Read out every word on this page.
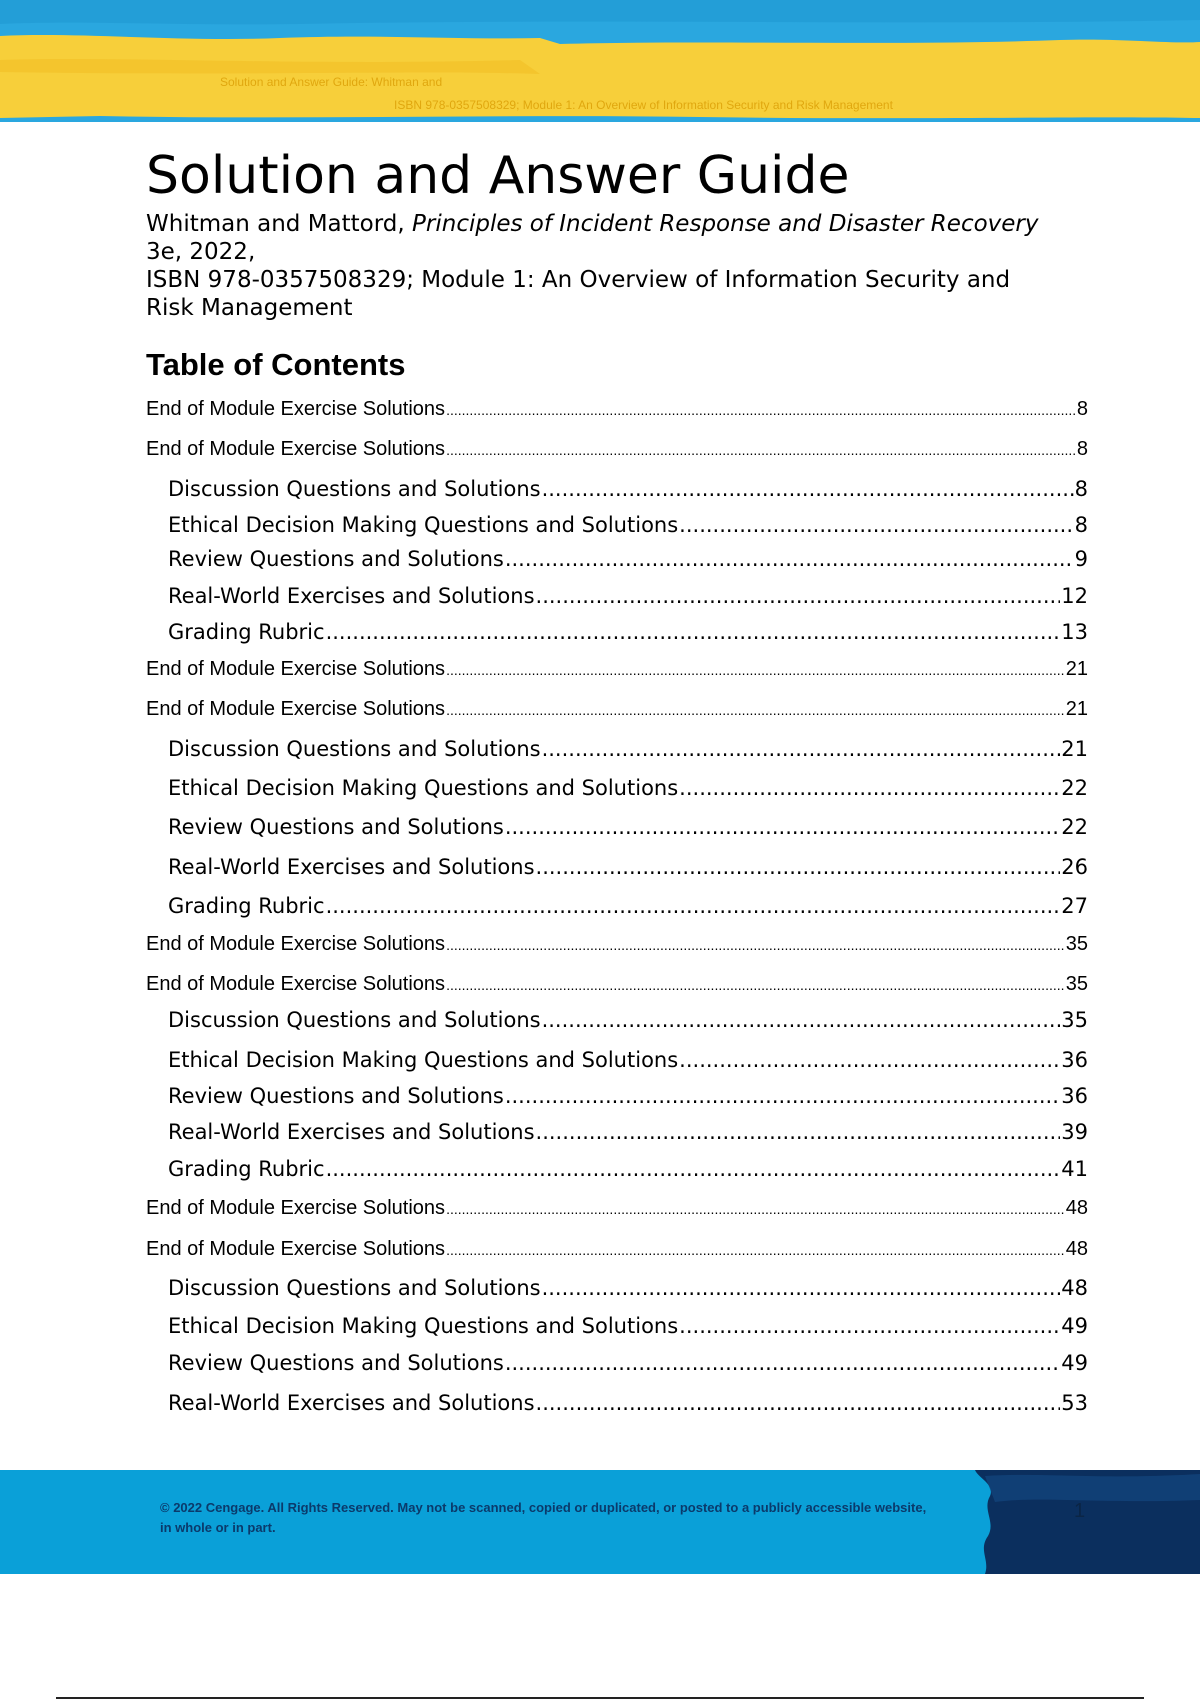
Solution and Answer Guide: Whitman and
ISBN 978-0357508329; Module 1: An Overview of Information Security and Risk Management
Solution and Answer Guide
Whitman and Mattord, Principles of Incident Response and Disaster Recovery
3e, 2022,
ISBN 978-0357508329; Module 1: An Overview of Information Security and
Risk Management
Table of Contents
End of Module Exercise Solutions .....	8
End of Module Exercise Solutions .....	8
Discussion Questions and Solutions .....	8
Ethical Decision Making Questions and Solutions .....	8
Review Questions and Solutions .....	9
Real-World Exercises and Solutions .....	12
Grading Rubric .....	13
End of Module Exercise Solutions .....	21
End of Module Exercise Solutions .....	21
Discussion Questions and Solutions .....	21
Ethical Decision Making Questions and Solutions .....	22
Review Questions and Solutions .....	22
Real-World Exercises and Solutions .....	26
Grading Rubric .....	27
End of Module Exercise Solutions .....	35
End of Module Exercise Solutions .....	35
Discussion Questions and Solutions .....	35
Ethical Decision Making Questions and Solutions .....	36
Review Questions and Solutions .....	36
Real-World Exercises and Solutions .....	39
Grading Rubric .....	41
End of Module Exercise Solutions .....	48
End of Module Exercise Solutions .....	48
Discussion Questions and Solutions .....	48
Ethical Decision Making Questions and Solutions .....	49
Review Questions and Solutions .....	49
Real-World Exercises and Solutions .....	53
© 2022 Cengage. All Rights Reserved. May not be scanned, copied or duplicated, or posted to a publicly accessible website, in whole or in part.
1
